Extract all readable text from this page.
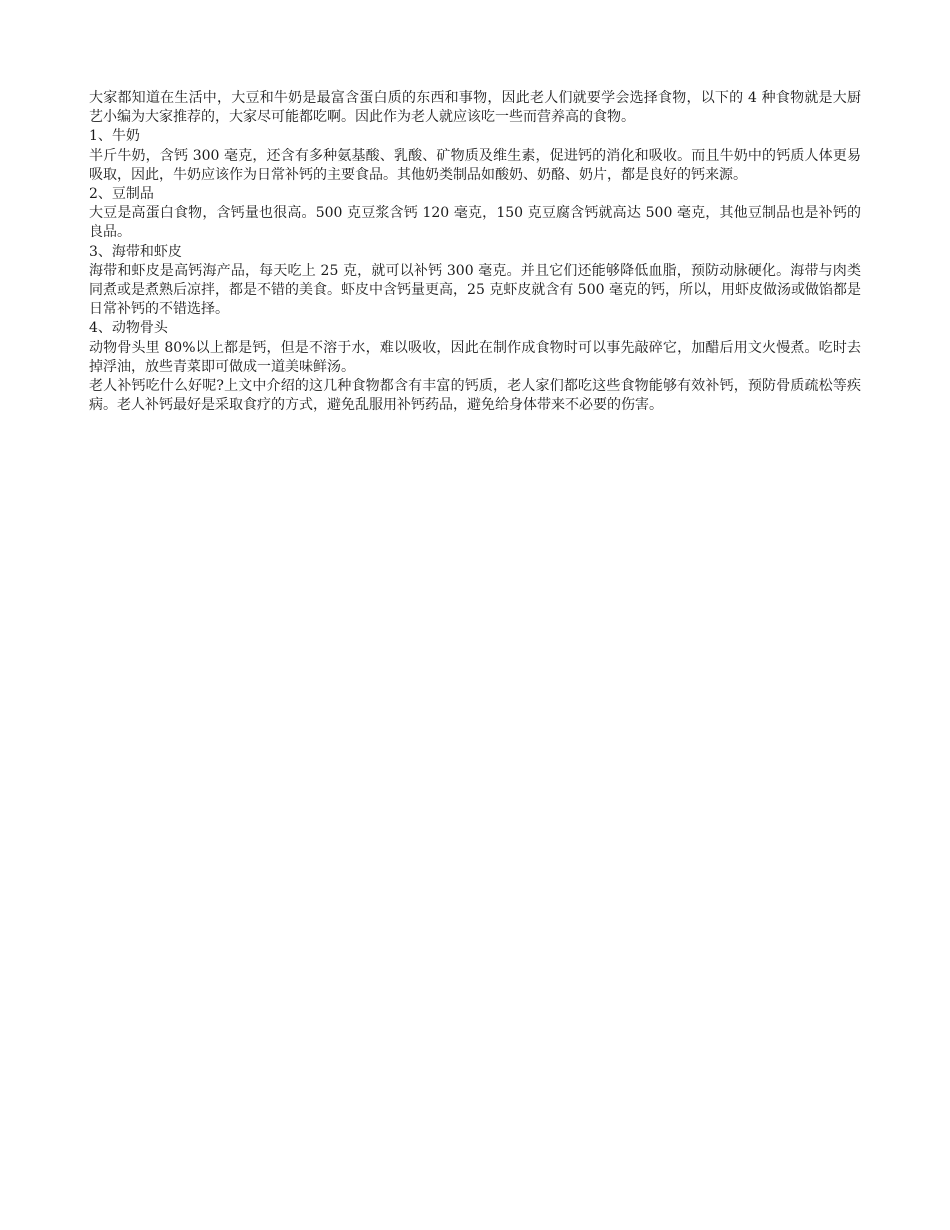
大家都知道在生活中，大豆和牛奶是最富含蛋白质的东西和事物，因此老人们就要学会选择食物，以下的 4 种食物就是大厨艺小编为大家推荐的，大家尽可能都吃啊。因此作为老人就应该吃一些而营养高的食物。

1、牛奶

半斤牛奶，含钙 300 毫克，还含有多种氨基酸、乳酸、矿物质及维生素，促进钙的消化和吸收。而且牛奶中的钙质人体更易吸取，因此，牛奶应该作为日常补钙的主要食品。其他奶类制品如酸奶、奶酪、奶片，都是良好的钙来源。

2、豆制品

大豆是高蛋白食物，含钙量也很高。500 克豆浆含钙 120 毫克，150 克豆腐含钙就高达 500 毫克，其他豆制品也是补钙的良品。

3、海带和虾皮

海带和虾皮是高钙海产品，每天吃上 25 克，就可以补钙 300 毫克。并且它们还能够降低血脂，预防动脉硬化。海带与肉类同煮或是煮熟后凉拌，都是不错的美食。虾皮中含钙量更高，25 克虾皮就含有 500 毫克的钙，所以，用虾皮做汤或做馅都是日常补钙的不错选择。

4、动物骨头

动物骨头里 80%以上都是钙，但是不溶于水，难以吸收，因此在制作成食物时可以事先敲碎它，加醋后用文火慢煮。吃时去掉浮油，放些青菜即可做成一道美味鲜汤。

老人补钙吃什么好呢?上文中介绍的这几种食物都含有丰富的钙质，老人家们都吃这些食物能够有效补钙，预防骨质疏松等疾病。老人补钙最好是采取食疗的方式，避免乱服用补钙药品，避免给身体带来不必要的伤害。
